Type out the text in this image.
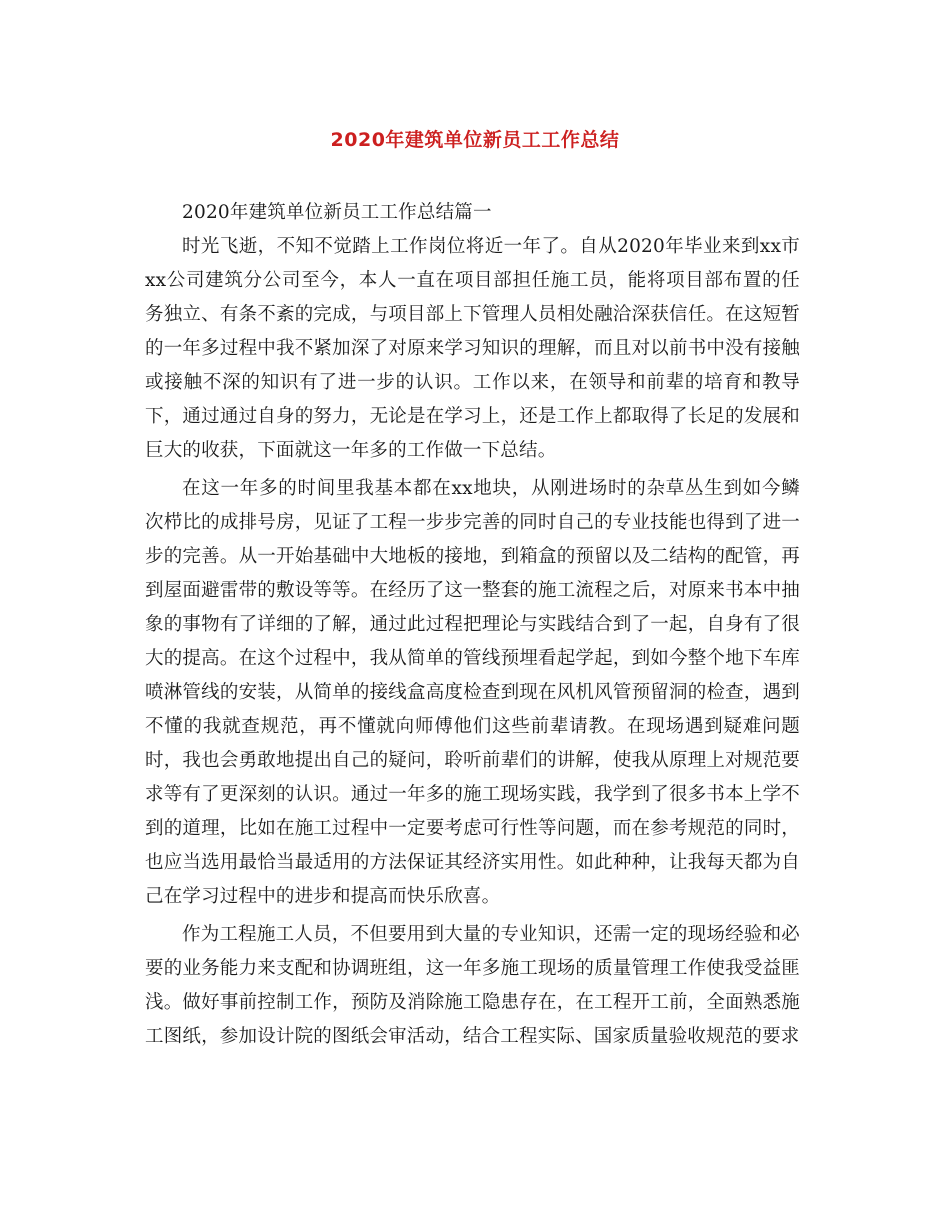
2020年建筑单位新员工工作总结

2020年建筑单位新员工工作总结篇一

时光飞逝，不知不觉踏上工作岗位将近一年了。自从2020年毕业来到xx市xx公司建筑分公司至今，本人一直在项目部担任施工员，能将项目部布置的任务独立、有条不紊的完成，与项目部上下管理人员相处融洽深获信任。在这短暂的一年多过程中我不紧加深了对原来学习知识的理解，而且对以前书中没有接触或接触不深的知识有了进一步的认识。工作以来，在领导和前辈的培育和教导下，通过通过自身的努力，无论是在学习上，还是工作上都取得了长足的发展和巨大的收获，下面就这一年多的工作做一下总结。

在这一年多的时间里我基本都在xx地块，从刚进场时的杂草丛生到如今鳞次栉比的成排号房，见证了工程一步步完善的同时自己的专业技能也得到了进一步的完善。从一开始基础中大地板的接地，到箱盒的预留以及二结构的配管，再到屋面避雷带的敷设等等。在经历了这一整套的施工流程之后，对原来书本中抽象的事物有了详细的了解，通过此过程把理论与实践结合到了一起，自身有了很大的提高。在这个过程中，我从简单的管线预埋看起学起，到如今整个地下车库喷淋管线的安装，从简单的接线盒高度检查到现在风机风管预留洞的检查，遇到不懂的我就查规范，再不懂就向师傅他们这些前辈请教。在现场遇到疑难问题时，我也会勇敢地提出自己的疑问，聆听前辈们的讲解，使我从原理上对规范要求等有了更深刻的认识。通过一年多的施工现场实践，我学到了很多书本上学不到的道理，比如在施工过程中一定要考虑可行性等问题，而在参考规范的同时，也应当选用最恰当最适用的方法保证其经济实用性。如此种种，让我每天都为自己在学习过程中的进步和提高而快乐欣喜。

作为工程施工人员，不但要用到大量的专业知识，还需一定的现场经验和必要的业务能力来支配和协调班组，这一年多施工现场的质量管理工作使我受益匪浅。做好事前控制工作，预防及消除施工隐患存在，在工程开工前，全面熟悉施工图纸，参加设计院的图纸会审活动，结合工程实际、国家质量验收规范的要求
